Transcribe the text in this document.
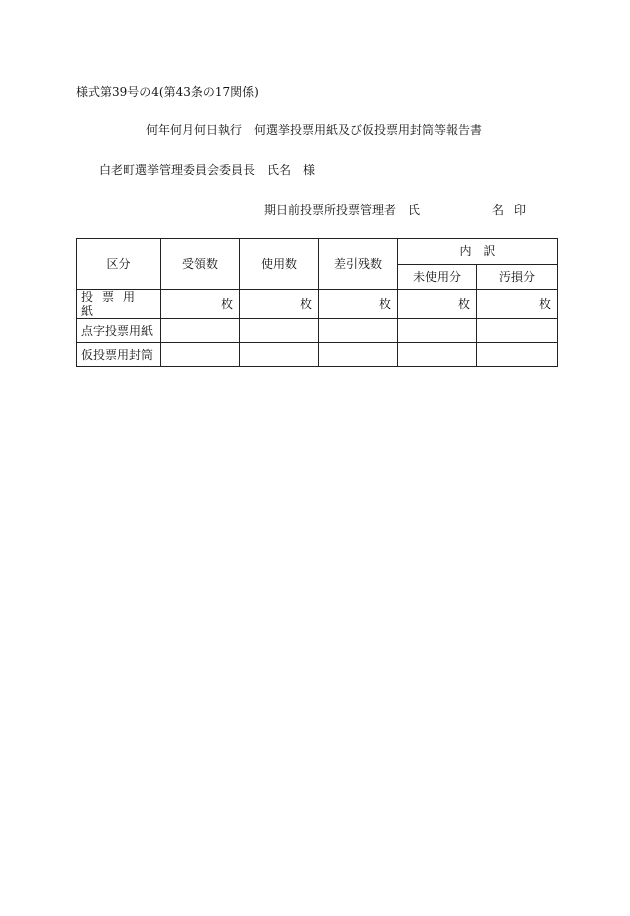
様式第39号の4(第43条の17関係)
何年何月何日執行　何選挙投票用紙及び仮投票用封筒等報告書
白老町選挙管理委員会委員長　氏名　様
期日前投票所投票管理者　氏	名 印
区分	受領数	使用数	差引残数	内　訳	
				未使用分	汚損分
投票用紙	枚	枚	枚	枚	枚
点字投票用紙					
仮投票用封筒					
